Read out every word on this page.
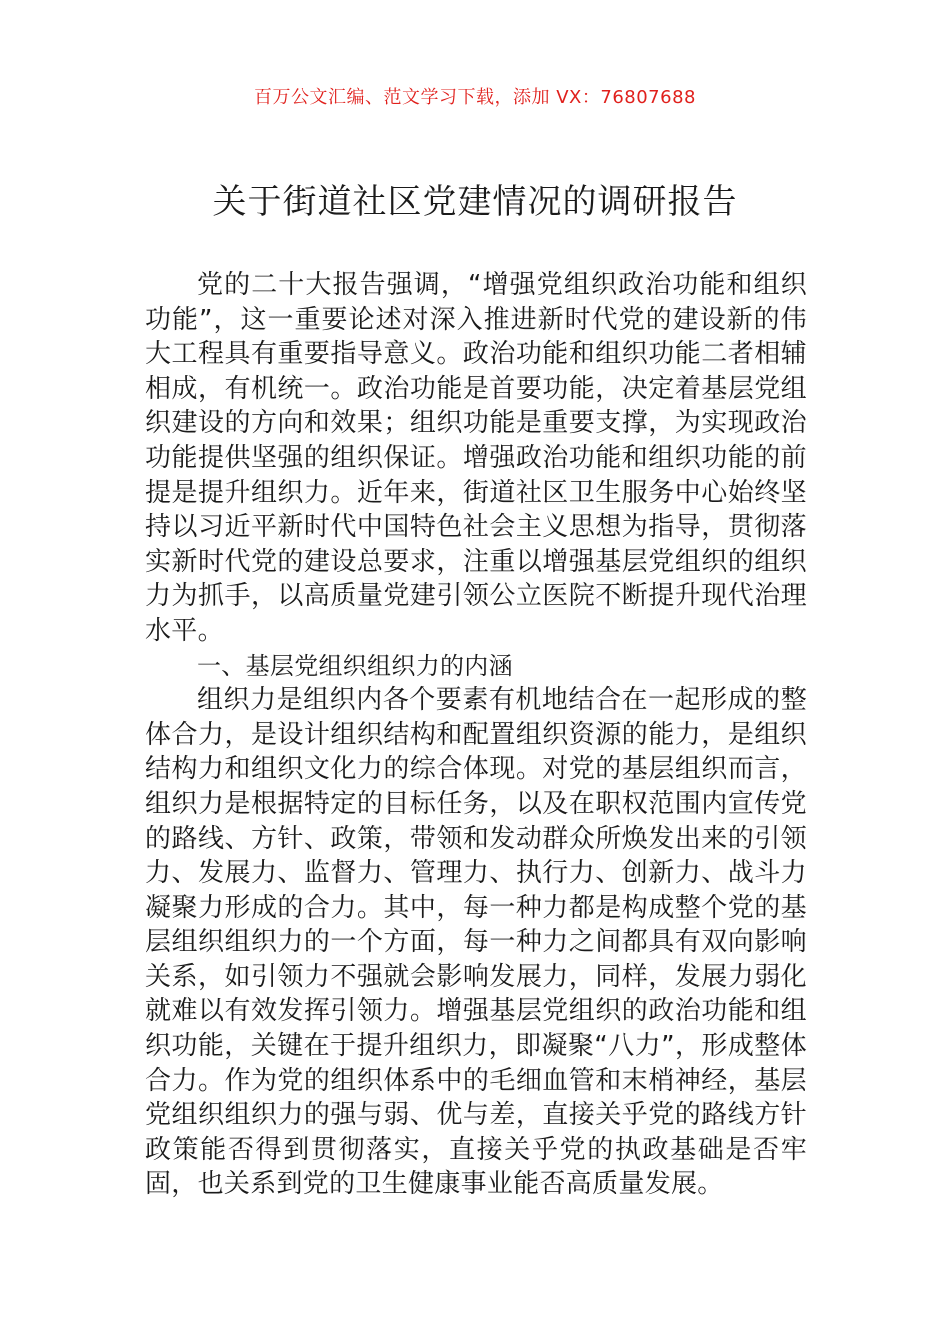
百万公文汇编、范文学习下载，添加 VX：76807688
关于街道社区党建情况的调研报告

党的二十大报告强调，“增强党组织政治功能和组织功能”，这一重要论述对深入推进新时代党的建设新的伟大工程具有重要指导意义。政治功能和组织功能二者相辅相成，有机统一。政治功能是首要功能，决定着基层党组织建设的方向和效果；组织功能是重要支撑，为实现政治功能提供坚强的组织保证。增强政治功能和组织功能的前提是提升组织力。近年来，街道社区卫生服务中心始终坚持以习近平新时代中国特色社会主义思想为指导，贯彻落实新时代党的建设总要求，注重以增强基层党组织的组织力为抓手，以高质量党建引领公立医院不断提升现代治理水平。

一、基层党组织组织力的内涵

组织力是组织内各个要素有机地结合在一起形成的整体合力，是设计组织结构和配置组织资源的能力，是组织结构力和组织文化力的综合体现。对党的基层组织而言，组织力是根据特定的目标任务，以及在职权范围内宣传党的路线、方针、政策，带领和发动群众所焕发出来的引领力、发展力、监督力、管理力、执行力、创新力、战斗力凝聚力形成的合力。其中，每一种力都是构成整个党的基层组织组织力的一个方面，每一种力之间都具有双向影响关系，如引领力不强就会影响发展力，同样，发展力弱化就难以有效发挥引领力。增强基层党组织的政治功能和组织功能，关键在于提升组织力，即凝聚“八力”，形成整体合力。作为党的组织体系中的毛细血管和末梢神经，基层党组织组织力的强与弱、优与差，直接关乎党的路线方针政策能否得到贯彻落实，直接关乎党的执政基础是否牢固，也关系到党的卫生健康事业能否高质量发展。
